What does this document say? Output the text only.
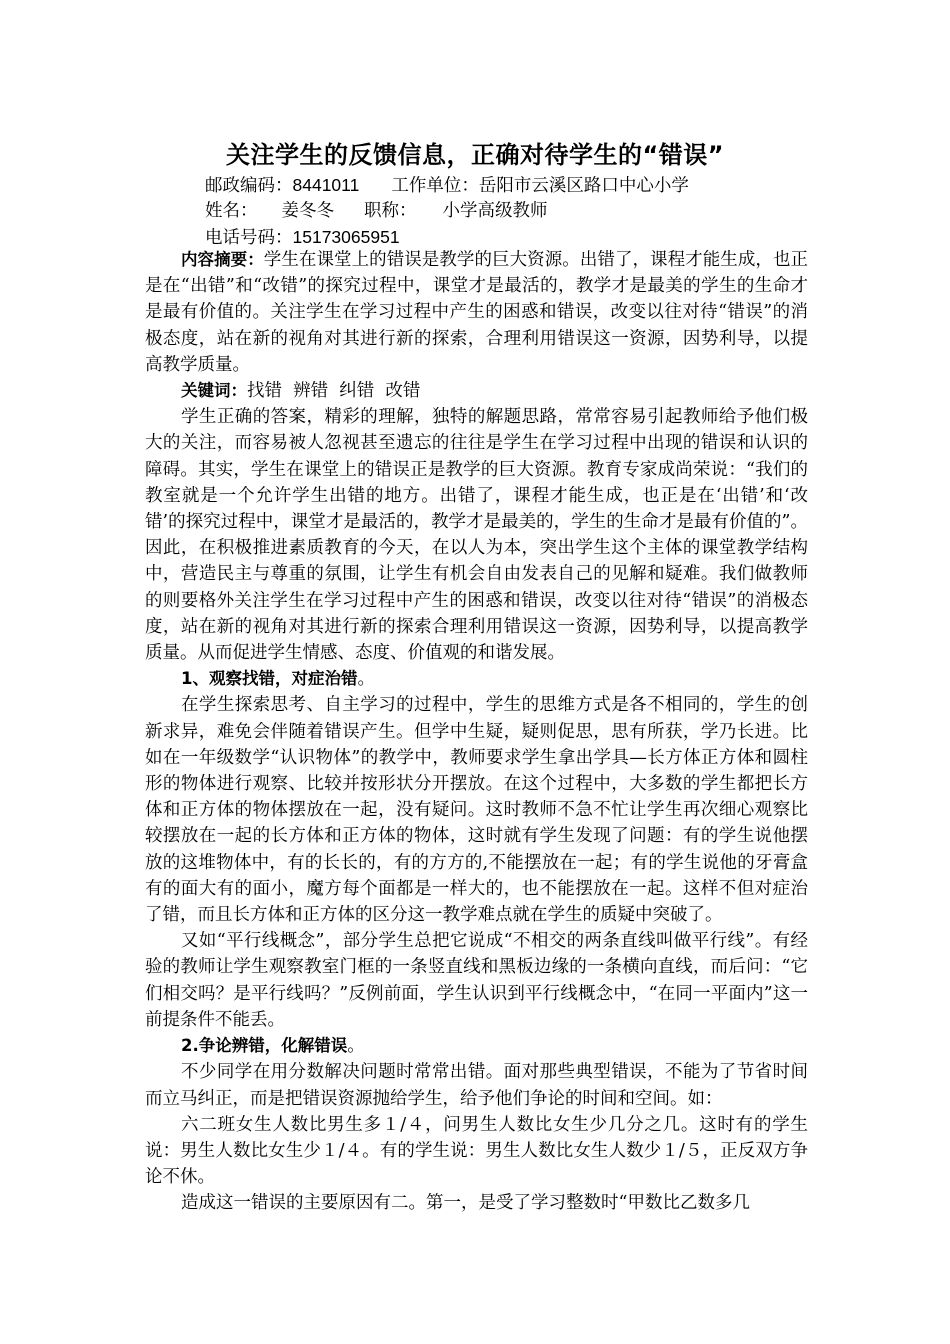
关注学生的反馈信息，正确对待学生的“错误”
邮政编码：8441011 工作单位：岳阳市云溪区路口中心小学
姓名： 姜冬冬 职称： 小学高级教师
电话号码：15173065951

内容摘要：学生在课堂上的错误是教学的巨大资源。出错了，课程才能生成，也正是在“出错”和“改错”的探究过程中，课堂才是最活的，教学才是最美的学生的生命才是最有价值的。关注学生在学习过程中产生的困惑和错误，改变以往对待“错误”的消极态度，站在新的视角对其进行新的探索，合理利用错误这一资源，因势利导，以提高教学质量。

关键词：找错  辨错  纠错  改错

学生正确的答案，精彩的理解，独特的解题思路，常常容易引起教师给予他们极大的关注，而容易被人忽视甚至遗忘的往往是学生在学习过程中出现的错误和认识的障碍。其实，学生在课堂上的错误正是教学的巨大资源。教育专家成尚荣说：“我们的教室就是一个允许学生出错的地方。出错了，课程才能生成，也正是在‘出错’和‘改错’的探究过程中，课堂才是最活的，教学才是最美的，学生的生命才是最有价值的”。因此，在积极推进素质教育的今天，在以人为本，突出学生这个主体的课堂教学结构中，营造民主与尊重的氛围，让学生有机会自由发表自己的见解和疑难。我们做教师的则要格外关注学生在学习过程中产生的困惑和错误，改变以往对待“错误”的消极态度，站在新的视角对其进行新的探索合理利用错误这一资源，因势利导，以提高教学质量。从而促进学生情感、态度、价值观的和谐发展。

1、观察找错，对症治错。

在学生探索思考、自主学习的过程中，学生的思维方式是各不相同的，学生的创新求异，难免会伴随着错误产生。但学中生疑，疑则促思，思有所获，学乃长进。比如在一年级数学“认识物体”的教学中，教师要求学生拿出学具—长方体正方体和圆柱形的物体进行观察、比较并按形状分开摆放。在这个过程中，大多数的学生都把长方体和正方体的物体摆放在一起，没有疑问。这时教师不急不忙让学生再次细心观察比较摆放在一起的长方体和正方体的物体，这时就有学生发现了问题：有的学生说他摆放的这堆物体中，有的长长的，有的方方的,不能摆放在一起；有的学生说他的牙膏盒有的面大有的面小，魔方每个面都是一样大的，也不能摆放在一起。这样不但对症治了错，而且长方体和正方体的区分这一教学难点就在学生的质疑中突破了。

又如“平行线概念”，部分学生总把它说成“不相交的两条直线叫做平行线”。有经验的教师让学生观察教室门框的一条竖直线和黑板边缘的一条横向直线，而后问：“它们相交吗？是平行线吗？”反例前面，学生认识到平行线概念中，“在同一平面内”这一前提条件不能丢。

2.争论辨错，化解错误。

不少同学在用分数解决问题时常常出错。面对那些典型错误，不能为了节省时间而立马纠正，而是把错误资源抛给学生，给予他们争论的时间和空间。如：

六二班女生人数比男生多１/４，问男生人数比女生少几分之几。这时有的学生说：男生人数比女生少１/４。有的学生说：男生人数比女生人数少１/５，正反双方争论不休。

造成这一错误的主要原因有二。第一，是受了学习整数时“甲数比乙数多几
